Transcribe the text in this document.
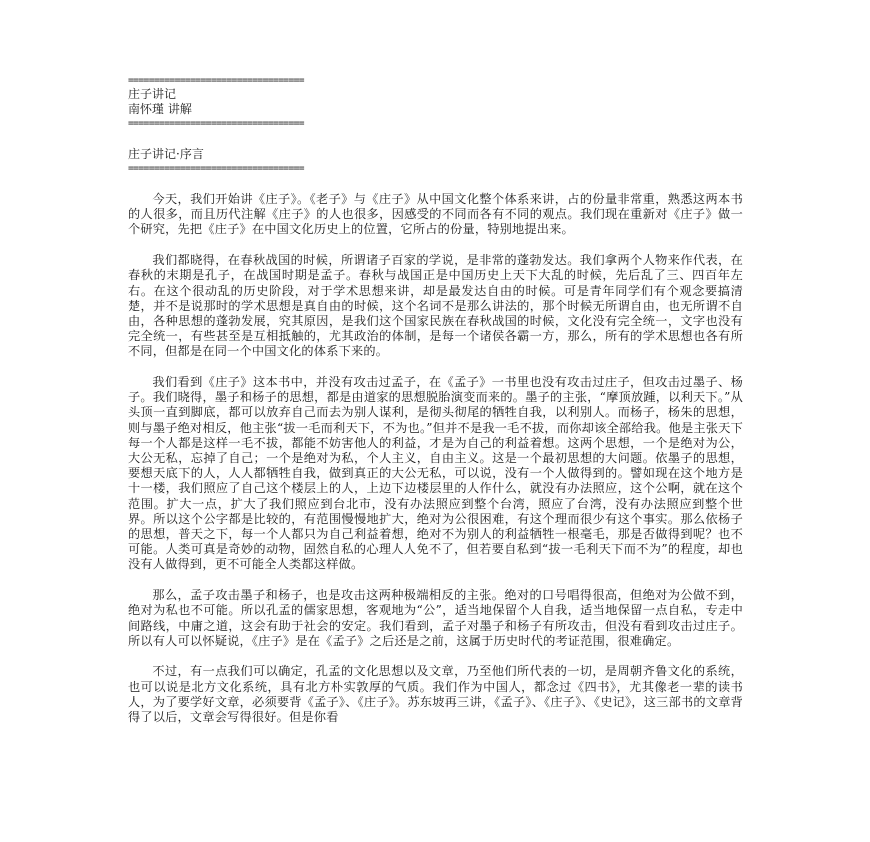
==================================
庄子讲记
南怀瑾 讲解
==================================
庄子讲记·序言
==================================

今天，我们开始讲《庄子》。《老子》与《庄子》从中国文化整个体系来讲，占的份量非常重，熟悉这两本书的人很多，而且历代注解《庄子》的人也很多，因感受的不同而各有不同的观点。我们现在重新对《庄子》做一个研究，先把《庄子》在中国文化历史上的位置，它所占的份量，特别地提出来。

我们都晓得，在春秋战国的时候，所谓诸子百家的学说，是非常的蓬勃发达。我们拿两个人物来作代表，在春秋的末期是孔子，在战国时期是孟子。春秋与战国正是中国历史上天下大乱的时候，先后乱了三、四百年左右。在这个很动乱的历史阶段，对于学术思想来讲，却是最发达自由的时候。可是青年同学们有个观念要搞清楚，并不是说那时的学术思想是真自由的时候，这个名词不是那么讲法的，那个时候无所谓自由，也无所谓不自由，各种思想的蓬勃发展，究其原因，是我们这个国家民族在春秋战国的时候，文化没有完全统一，文字也没有完全统一，有些甚至是互相抵触的，尤其政治的体制，是每一个诸侯各霸一方，那么，所有的学术思想也各有所不同，但都是在同一个中国文化的体系下来的。

我们看到《庄子》这本书中，并没有攻击过孟子，在《孟子》一书里也没有攻击过庄子，但攻击过墨子、杨子。我们晓得，墨子和杨子的思想，都是由道家的思想脱胎演变而来的。墨子的主张，“摩顶放踵，以利天下。”从头顶一直到脚底，都可以放弃自己而去为别人谋利，是彻头彻尾的牺牲自我，以利别人。而杨子，杨朱的思想，则与墨子绝对相反，他主张“拔一毛而利天下，不为也。”但并不是我一毛不拔，而你却该全部给我。他是主张天下每一个人都是这样一毛不拔，都能不妨害他人的利益，才是为自己的利益着想。这两个思想，一个是绝对为公，大公无私，忘掉了自己；一个是绝对为私，个人主义，自由主义。这是一个最初思想的大问题。依墨子的思想，要想天底下的人，人人都牺牲自我，做到真正的大公无私，可以说，没有一个人做得到的。譬如现在这个地方是十一楼，我们照应了自己这个楼层上的人，上边下边楼层里的人作什么，就没有办法照应，这个公啊，就在这个范围。扩大一点，扩大了我们照应到台北市，没有办法照应到整个台湾，照应了台湾，没有办法照应到整个世界。所以这个公字都是比较的，有范围慢慢地扩大，绝对为公很困难，有这个理而很少有这个事实。那么依杨子的思想，普天之下，每一个人都只为自己利益着想，绝对不为别人的利益牺牲一根毫毛，那是否做得到呢？也不可能。人类可真是奇妙的动物，固然自私的心理人人免不了，但若要自私到“拔一毛利天下而不为”的程度，却也没有人做得到，更不可能全人类都这样做。

那么，孟子攻击墨子和杨子，也是攻击这两种极端相反的主张。绝对的口号唱得很高，但绝对为公做不到，绝对为私也不可能。所以孔孟的儒家思想，客观地为“公”，适当地保留个人自我，适当地保留一点自私，专走中间路线，中庸之道，这会有助于社会的安定。我们看到，孟子对墨子和杨子有所攻击，但没有看到攻击过庄子。所以有人可以怀疑说，《庄子》是在《孟子》之后还是之前，这属于历史时代的考证范围，很难确定。

不过，有一点我们可以确定，孔孟的文化思想以及文章，乃至他们所代表的一切，是周朝齐鲁文化的系统，也可以说是北方文化系统，具有北方朴实敦厚的气质。我们作为中国人，都念过《四书》，尤其像老一辈的读书人，为了要学好文章，必须要背《孟子》、《庄子》。苏东坡再三讲，《孟子》、《庄子》、《史记》，这三部书的文章背得了以后，文章会写得很好。但是你看
